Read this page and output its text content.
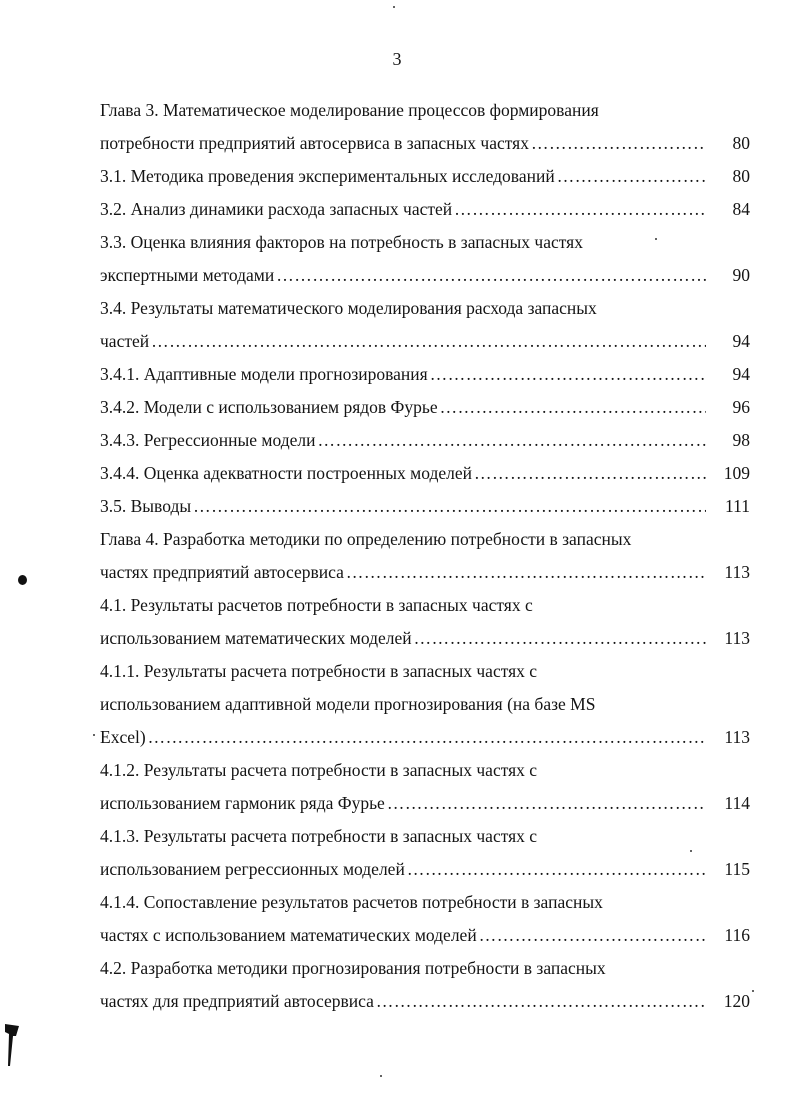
3
Глава 3. Математическое моделирование процессов формирования
потребности предприятий автосервиса в запасных частях ……………………………………………………………………………………………………………………………………………………………………………………	80
3.1. Методика проведения экспериментальных исследований ……………………………………………………………………………………………………………………………………………………………………………………	80
3.2. Анализ динамики расхода запасных частей ……………………………………………………………………………………………………………………………………………………………………………………	84
3.3. Оценка влияния факторов на потребность в запасных частях
экспертными методами ……………………………………………………………………………………………………………………………………………………………………………………	90
3.4. Результаты математического моделирования расхода запасных
частей ……………………………………………………………………………………………………………………………………………………………………………………	94
3.4.1. Адаптивные модели прогнозирования ……………………………………………………………………………………………………………………………………………………………………………………	94
3.4.2. Модели с использованием рядов Фурье ……………………………………………………………………………………………………………………………………………………………………………………	96
3.4.3. Регрессионные модели ……………………………………………………………………………………………………………………………………………………………………………………	98
3.4.4. Оценка адекватности построенных моделей ……………………………………………………………………………………………………………………………………………………………………………………	109
3.5. Выводы ……………………………………………………………………………………………………………………………………………………………………………………	111
Глава 4. Разработка методики по определению потребности в запасных
частях предприятий автосервиса ……………………………………………………………………………………………………………………………………………………………………………………	113
4.1. Результаты расчетов потребности в запасных частях с
использованием математических моделей ……………………………………………………………………………………………………………………………………………………………………………………	113
4.1.1. Результаты расчета потребности в запасных частях с
использованием адаптивной модели прогнозирования (на базе MS
Excel) ……………………………………………………………………………………………………………………………………………………………………………………	113
4.1.2. Результаты расчета потребности в запасных частях с
использованием гармоник ряда Фурье ……………………………………………………………………………………………………………………………………………………………………………………	114
4.1.3. Результаты расчета потребности в запасных частях с
использованием регрессионных моделей ……………………………………………………………………………………………………………………………………………………………………………………	115
4.1.4. Сопоставление результатов расчетов потребности в запасных
частях с использованием математических моделей ……………………………………………………………………………………………………………………………………………………………………………………	116
4.2. Разработка методики прогнозирования потребности в запасных
частях для предприятий автосервиса ……………………………………………………………………………………………………………………………………………………………………………………	120
